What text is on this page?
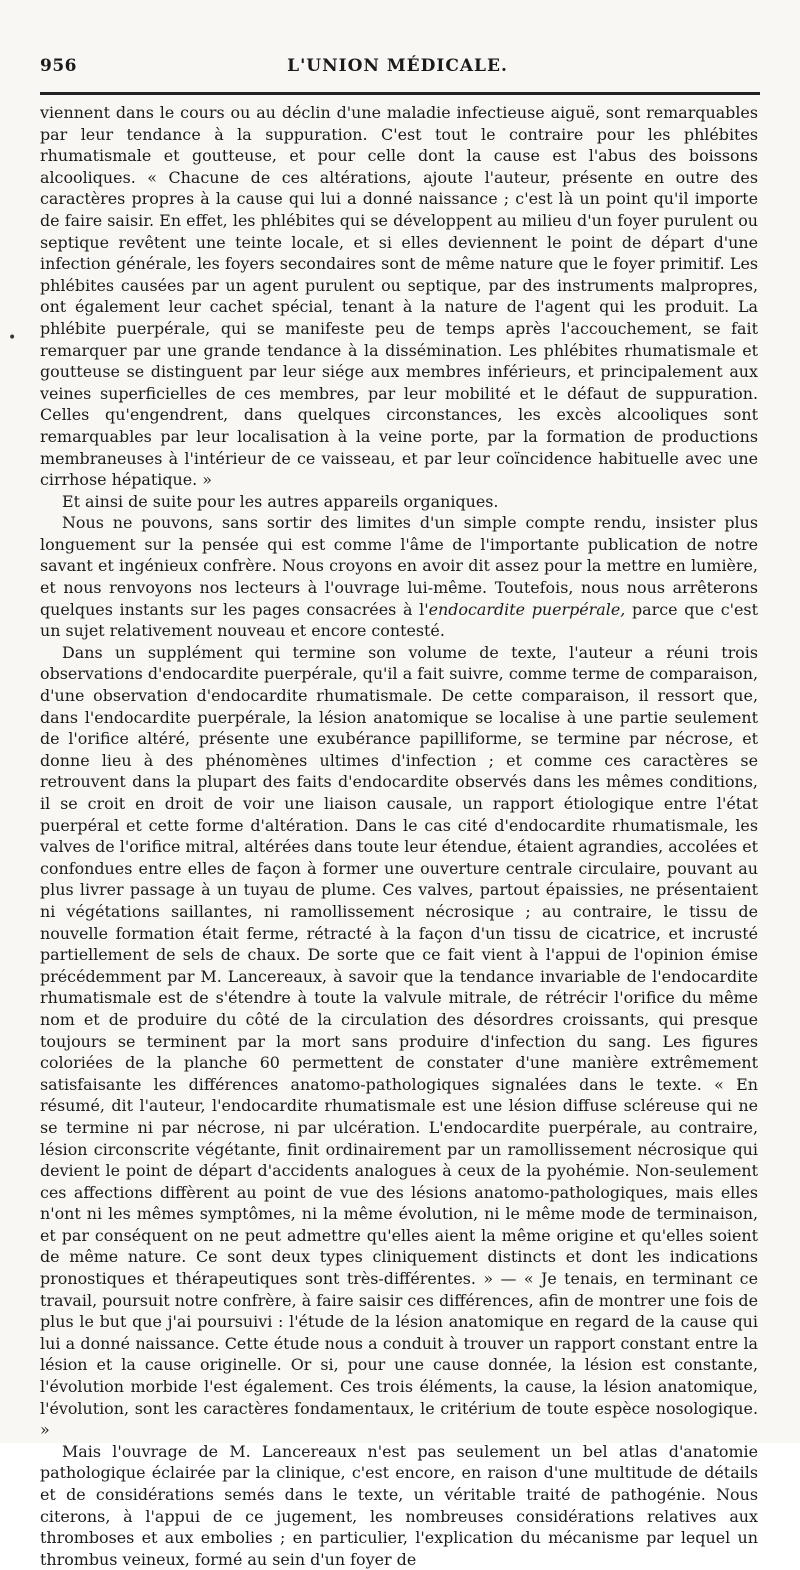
956	L'UNION MÉDICALE.
•

viennent dans le cours ou au déclin d'une maladie infectieuse aiguë, sont remarquables par leur tendance à la suppuration. C'est tout le contraire pour les phlébites rhumatismale et goutteuse, et pour celle dont la cause est l'abus des boissons alcooliques. « Chacune de ces altérations, ajoute l'auteur, présente en outre des caractères propres à la cause qui lui a donné naissance ; c'est là un point qu'il importe de faire saisir. En effet, les phlébites qui se développent au milieu d'un foyer purulent ou septique revêtent une teinte locale, et si elles deviennent le point de départ d'une infection générale, les foyers secondaires sont de même nature que le foyer primitif. Les phlébites causées par un agent purulent ou septique, par des instruments malpropres, ont également leur cachet spécial, tenant à la nature de l'agent qui les produit. La phlébite puerpérale, qui se manifeste peu de temps après l'accouchement, se fait remarquer par une grande tendance à la dissémination. Les phlébites rhumatismale et goutteuse se distinguent par leur siége aux membres inférieurs, et principalement aux veines superficielles de ces membres, par leur mobilité et le défaut de suppuration. Celles qu'engendrent, dans quelques circonstances, les excès alcooliques sont remarquables par leur localisation à la veine porte, par la formation de productions membraneuses à l'intérieur de ce vaisseau, et par leur coïncidence habituelle avec une cirrhose hépatique. »

Et ainsi de suite pour les autres appareils organiques.

Nous ne pouvons, sans sortir des limites d'un simple compte rendu, insister plus longuement sur la pensée qui est comme l'âme de l'importante publication de notre savant et ingénieux confrère. Nous croyons en avoir dit assez pour la mettre en lumière, et nous renvoyons nos lecteurs à l'ouvrage lui-même. Toutefois, nous nous arrêterons quelques instants sur les pages consacrées à l'endocardite puerpérale, parce que c'est un sujet relativement nouveau et encore contesté.

Dans un supplément qui termine son volume de texte, l'auteur a réuni trois observations d'endocardite puerpérale, qu'il a fait suivre, comme terme de comparaison, d'une observation d'endocardite rhumatismale. De cette comparaison, il ressort que, dans l'endocardite puerpérale, la lésion anatomique se localise à une partie seulement de l'orifice altéré, présente une exubérance papilliforme, se termine par nécrose, et donne lieu à des phénomènes ultimes d'infection ; et comme ces caractères se retrouvent dans la plupart des faits d'endocardite observés dans les mêmes conditions, il se croit en droit de voir une liaison causale, un rapport étiologique entre l'état puerpéral et cette forme d'altération. Dans le cas cité d'endocardite rhumatismale, les valves de l'orifice mitral, altérées dans toute leur étendue, étaient agrandies, accolées et confondues entre elles de façon à former une ouverture centrale circulaire, pouvant au plus livrer passage à un tuyau de plume. Ces valves, partout épaissies, ne présentaient ni végétations saillantes, ni ramollissement nécrosique ; au contraire, le tissu de nouvelle formation était ferme, rétracté à la façon d'un tissu de cicatrice, et incrusté partiellement de sels de chaux. De sorte que ce fait vient à l'appui de l'opinion émise précédemment par M. Lancereaux, à savoir que la tendance invariable de l'endocardite rhumatismale est de s'étendre à toute la valvule mitrale, de rétrécir l'orifice du même nom et de produire du côté de la circulation des désordres croissants, qui presque toujours se terminent par la mort sans produire d'infection du sang. Les figures coloriées de la planche 60 permettent de constater d'une manière extrêmement satisfaisante les différences anatomo-pathologiques signalées dans le texte. « En résumé, dit l'auteur, l'endocardite rhumatismale est une lésion diffuse scléreuse qui ne se termine ni par nécrose, ni par ulcération. L'endocardite puerpérale, au contraire, lésion circonscrite végétante, finit ordinairement par un ramollissement nécrosique qui devient le point de départ d'accidents analogues à ceux de la pyohémie. Non-seulement ces affections diffèrent au point de vue des lésions anatomo-pathologiques, mais elles n'ont ni les mêmes symptômes, ni la même évolution, ni le même mode de terminaison, et par conséquent on ne peut admettre qu'elles aient la même origine et qu'elles soient de même nature. Ce sont deux types cliniquement distincts et dont les indications pronostiques et thérapeutiques sont très-différentes. » — « Je tenais, en terminant ce travail, poursuit notre confrère, à faire saisir ces différences, afin de montrer une fois de plus le but que j'ai poursuivi : l'étude de la lésion anatomique en regard de la cause qui lui a donné naissance. Cette étude nous a conduit à trouver un rapport constant entre la lésion et la cause originelle. Or si, pour une cause donnée, la lésion est constante, l'évolution morbide l'est également. Ces trois éléments, la cause, la lésion anatomique, l'évolution, sont les caractères fondamentaux, le critérium de toute espèce nosologique. »

Mais l'ouvrage de M. Lancereaux n'est pas seulement un bel atlas d'anatomie pathologique éclairée par la clinique, c'est encore, en raison d'une multitude de détails et de considérations semés dans le texte, un véritable traité de pathogénie. Nous citerons, à l'appui de ce jugement, les nombreuses considérations relatives aux thromboses et aux embolies ; en particulier, l'explication du mécanisme par lequel un thrombus veineux, formé au sein d'un foyer de
